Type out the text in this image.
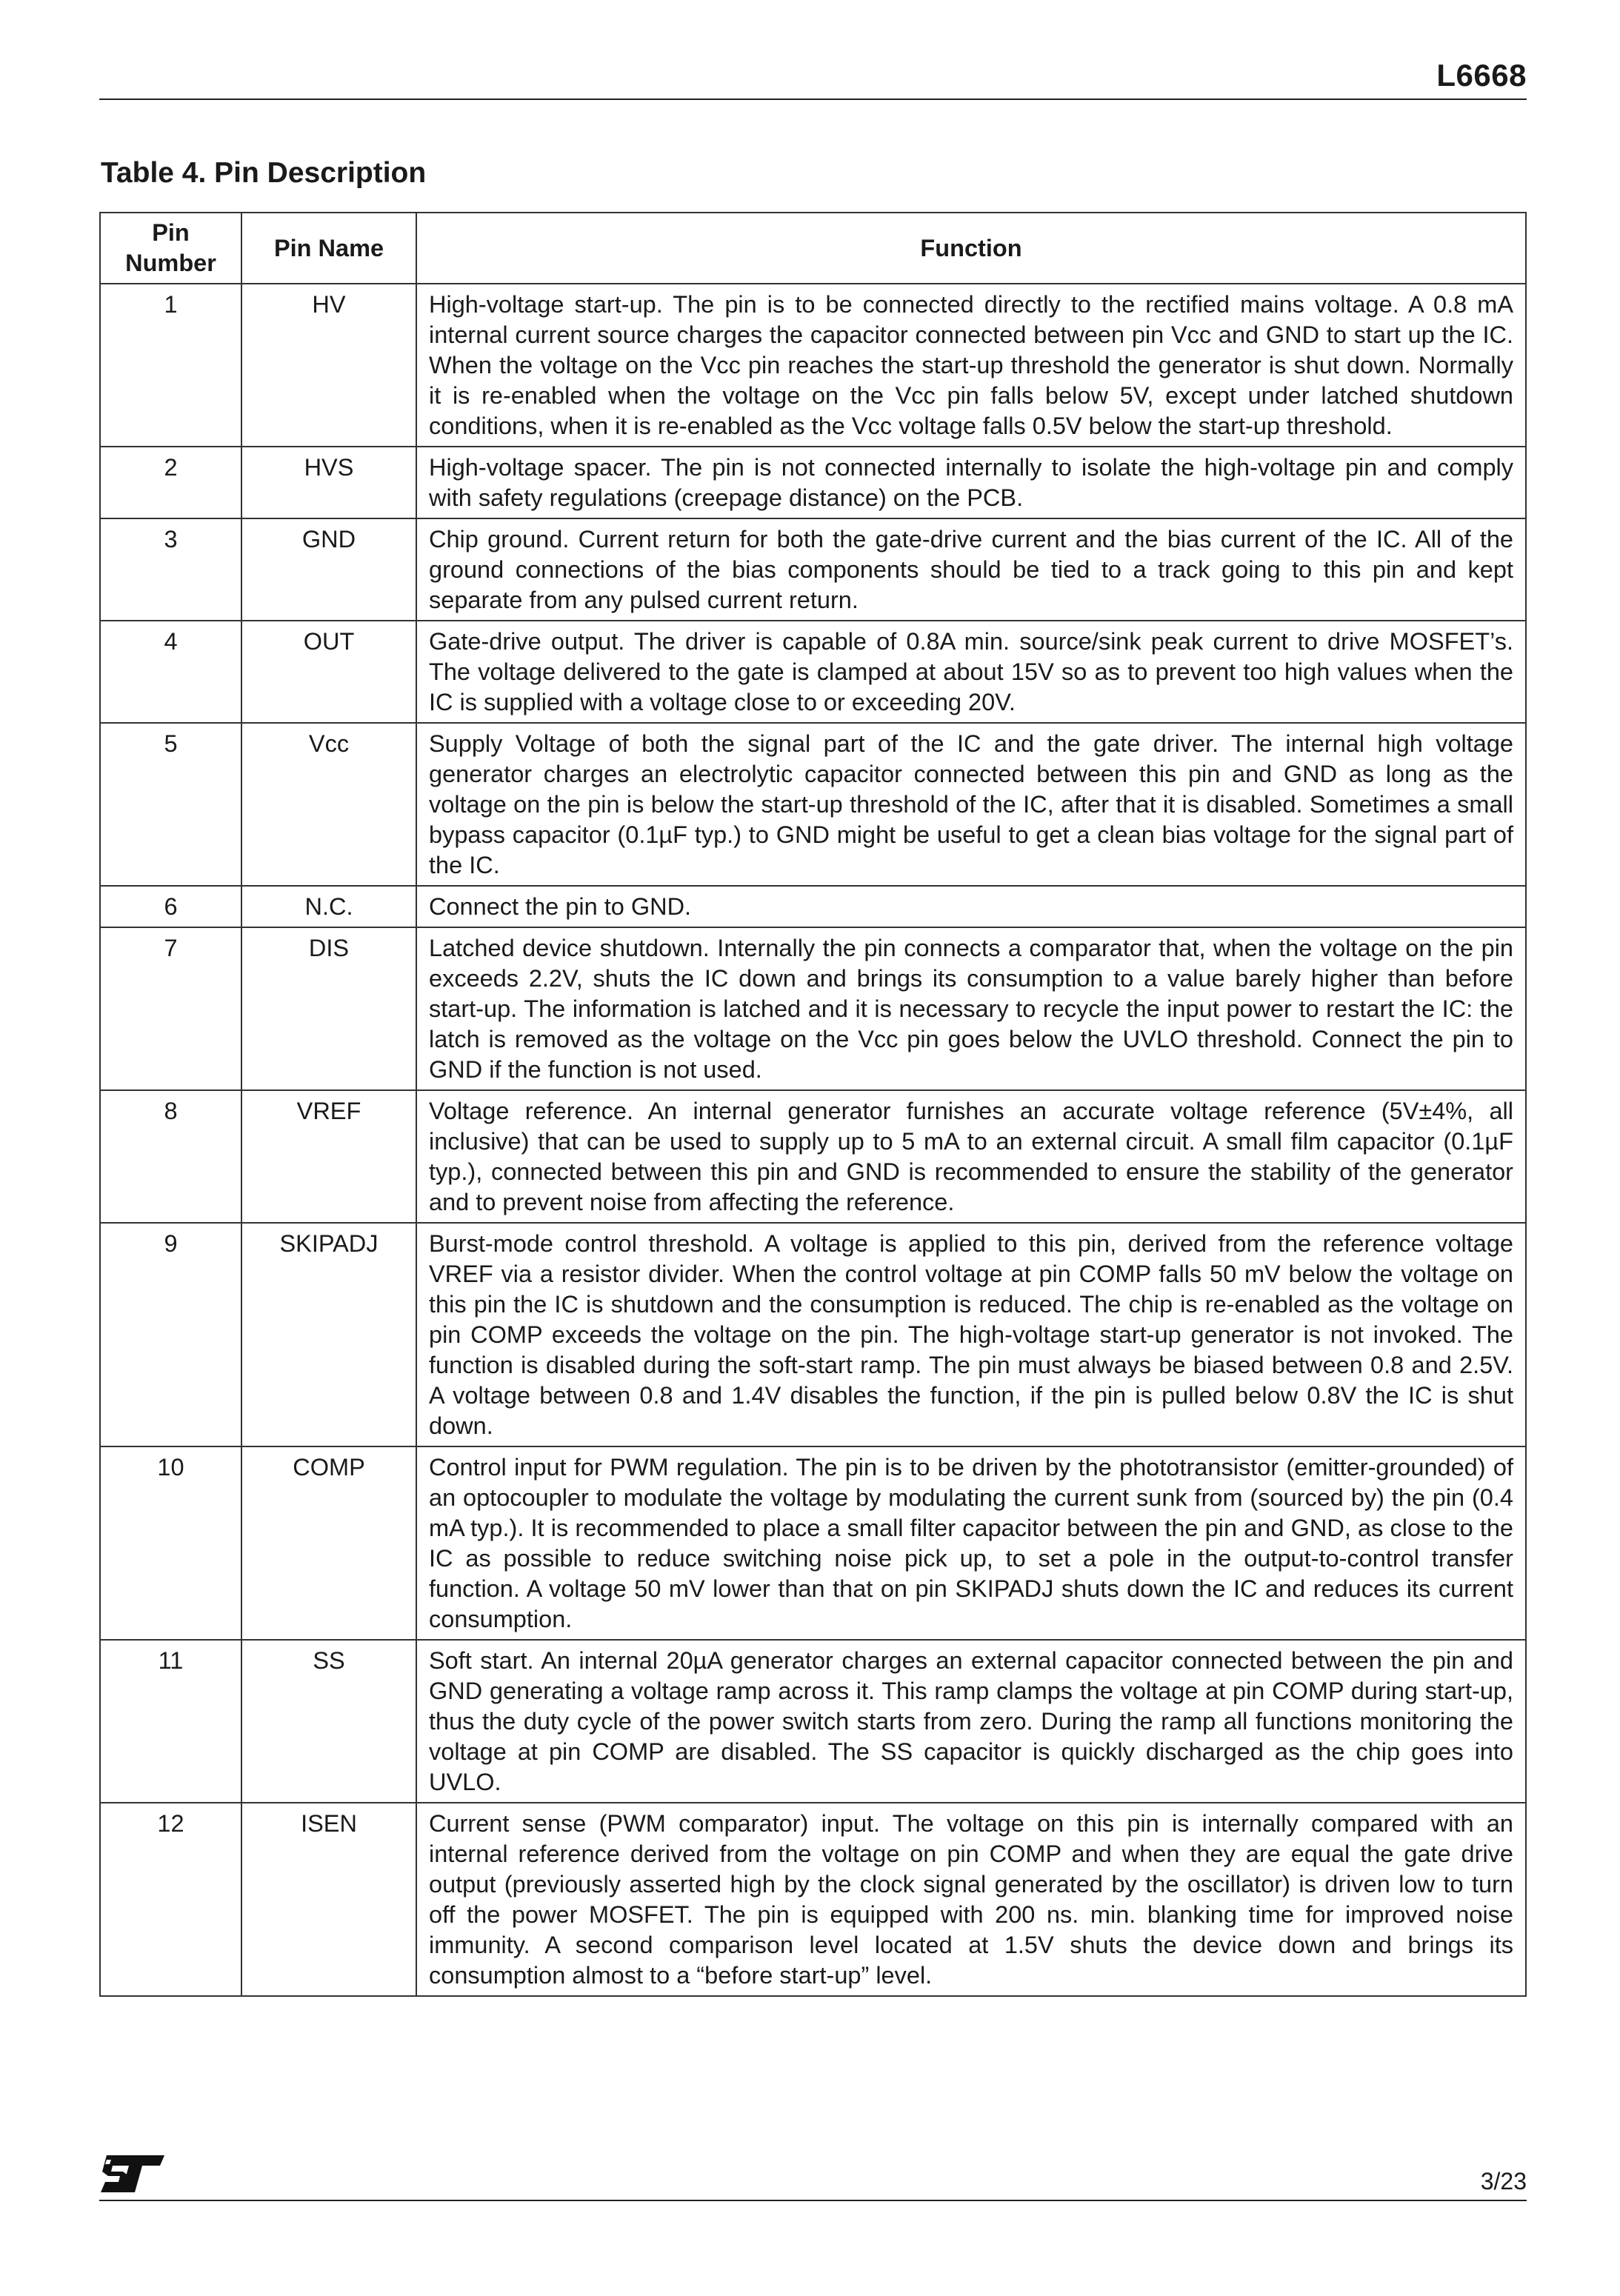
L6668
Table 4. Pin Description
Pin Number	Pin Name	Function
1	HV	High-voltage start-up. The pin is to be connected directly to the rectified mains voltage. A 0.8 mA internal current source charges the capacitor connected between pin Vcc and GND to start up the IC. When the voltage on the Vcc pin reaches the start-up threshold the generator is shut down. Normally it is re-enabled when the voltage on the Vcc pin falls below 5V, except under latched shutdown conditions, when it is re-enabled as the Vcc voltage falls 0.5V below the start-up threshold.
2	HVS	High-voltage spacer. The pin is not connected internally to isolate the high-voltage pin and comply with safety regulations (creepage distance) on the PCB.
3	GND	Chip ground. Current return for both the gate-drive current and the bias current of the IC. All of the ground connections of the bias components should be tied to a track going to this pin and kept separate from any pulsed current return.
4	OUT	Gate-drive output. The driver is capable of 0.8A min. source/sink peak current to drive MOSFET’s. The voltage delivered to the gate is clamped at about 15V so as to prevent too high values when the IC is supplied with a voltage close to or exceeding 20V.
5	Vcc	Supply Voltage of both the signal part of the IC and the gate driver. The internal high voltage generator charges an electrolytic capacitor connected between this pin and GND as long as the voltage on the pin is below the start-up threshold of the IC, after that it is disabled. Sometimes a small bypass capacitor (0.1µF typ.) to GND might be useful to get a clean bias voltage for the signal part of the IC.
6	N.C.	Connect the pin to GND.
7	DIS	Latched device shutdown. Internally the pin connects a comparator that, when the voltage on the pin exceeds 2.2V, shuts the IC down and brings its consumption to a value barely higher than before start-up. The information is latched and it is necessary to recycle the input power to restart the IC: the latch is removed as the voltage on the Vcc pin goes below the UVLO threshold. Connect the pin to GND if the function is not used.
8	VREF	Voltage reference. An internal generator furnishes an accurate voltage reference (5V±4%, all inclusive) that can be used to supply up to 5 mA to an external circuit. A small film capacitor (0.1µF typ.), connected between this pin and GND is recommended to ensure the stability of the generator and to prevent noise from affecting the reference.
9	SKIPADJ	Burst-mode control threshold. A voltage is applied to this pin, derived from the reference voltage VREF via a resistor divider. When the control voltage at pin COMP falls 50 mV below the voltage on this pin the IC is shutdown and the consumption is reduced. The chip is re-enabled as the voltage on pin COMP exceeds the voltage on the pin. The high-voltage start-up generator is not invoked. The function is disabled during the soft-start ramp. The pin must always be biased between 0.8 and 2.5V. A voltage between 0.8 and 1.4V disables the function, if the pin is pulled below 0.8V the IC is shut down.
10	COMP	Control input for PWM regulation. The pin is to be driven by the phototransistor (emitter-grounded) of an optocoupler to modulate the voltage by modulating the current sunk from (sourced by) the pin (0.4 mA typ.). It is recommended to place a small filter capacitor between the pin and GND, as close to the IC as possible to reduce switching noise pick up, to set a pole in the output-to-control transfer function. A voltage 50 mV lower than that on pin SKIPADJ shuts down the IC and reduces its current consumption.
11	SS	Soft start. An internal 20µA generator charges an external capacitor connected between the pin and GND generating a voltage ramp across it. This ramp clamps the voltage at pin COMP during start-up, thus the duty cycle of the power switch starts from zero. During the ramp all functions monitoring the voltage at pin COMP are disabled. The SS capacitor is quickly discharged as the chip goes into UVLO.
12	ISEN	Current sense (PWM comparator) input. The voltage on this pin is internally compared with an internal reference derived from the voltage on pin COMP and when they are equal the gate drive output (previously asserted high by the clock signal generated by the oscillator) is driven low to turn off the power MOSFET. The pin is equipped with 200 ns. min. blanking time for improved noise immunity. A second comparison level located at 1.5V shuts the device down and brings its consumption almost to a “before start-up” level.
3/23
